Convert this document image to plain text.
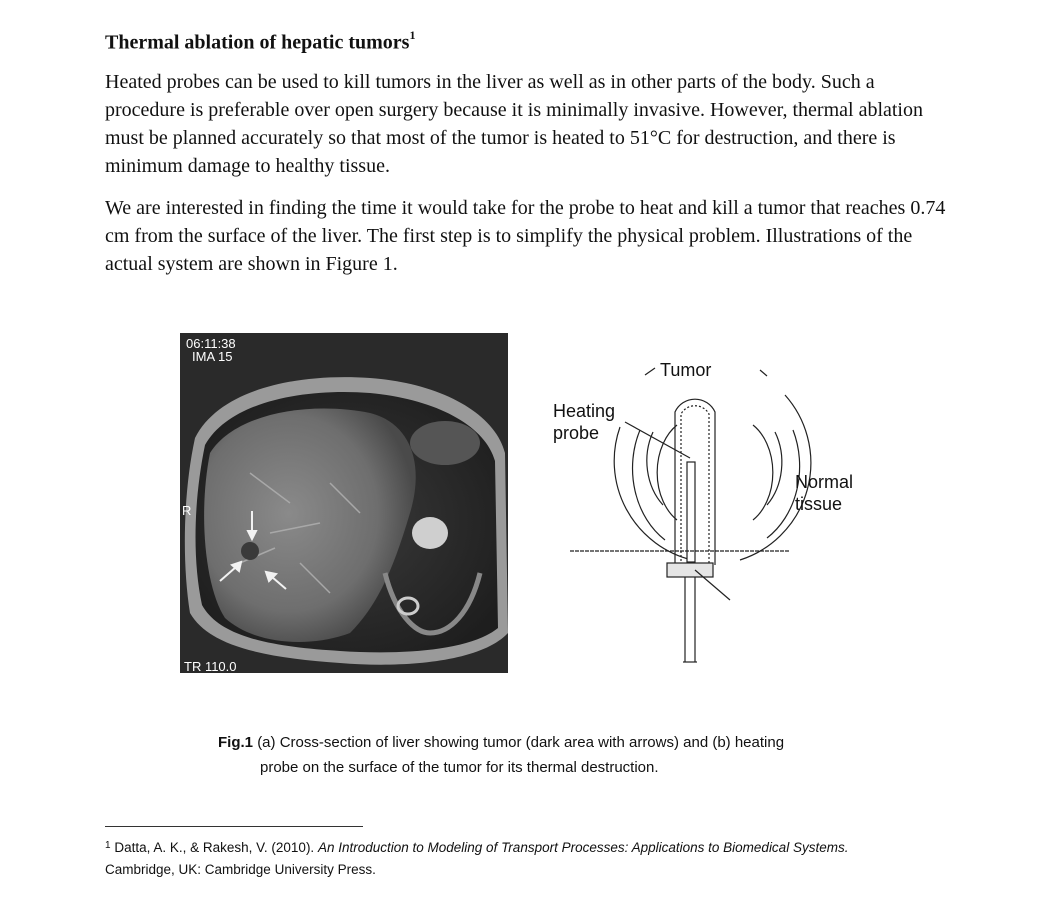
Thermal ablation of hepatic tumors$^1$

Heated probes can be used to kill tumors in the liver as well as in other parts of the body. Such a procedure is preferable over open surgery because it is minimally invasive. However, thermal ablation must be planned accurately so that most of the tumor is heated to 51°C for destruction, and there is minimum damage to healthy tissue.

We are interested in finding the time it would take for the probe to heat and kill a tumor that reaches 0.74 cm from the surface of the liver. The first step is to simplify the physical problem. Illustrations of the actual system are shown in Figure 1.

06:11:38
IMA 15
R
TR 110.0
Tumor
Heating
probe
Normal
tissue
Fig.1 (a) Cross-section of liver showing tumor (dark area with arrows) and (b) heating
probe on the surface of the tumor for its thermal destruction.
$^1$ Datta, A. K., & Rakesh, V. (2010). An Introduction to Modeling of Transport Processes: Applications to Biomedical Systems.
Cambridge, UK: Cambridge University Press.
